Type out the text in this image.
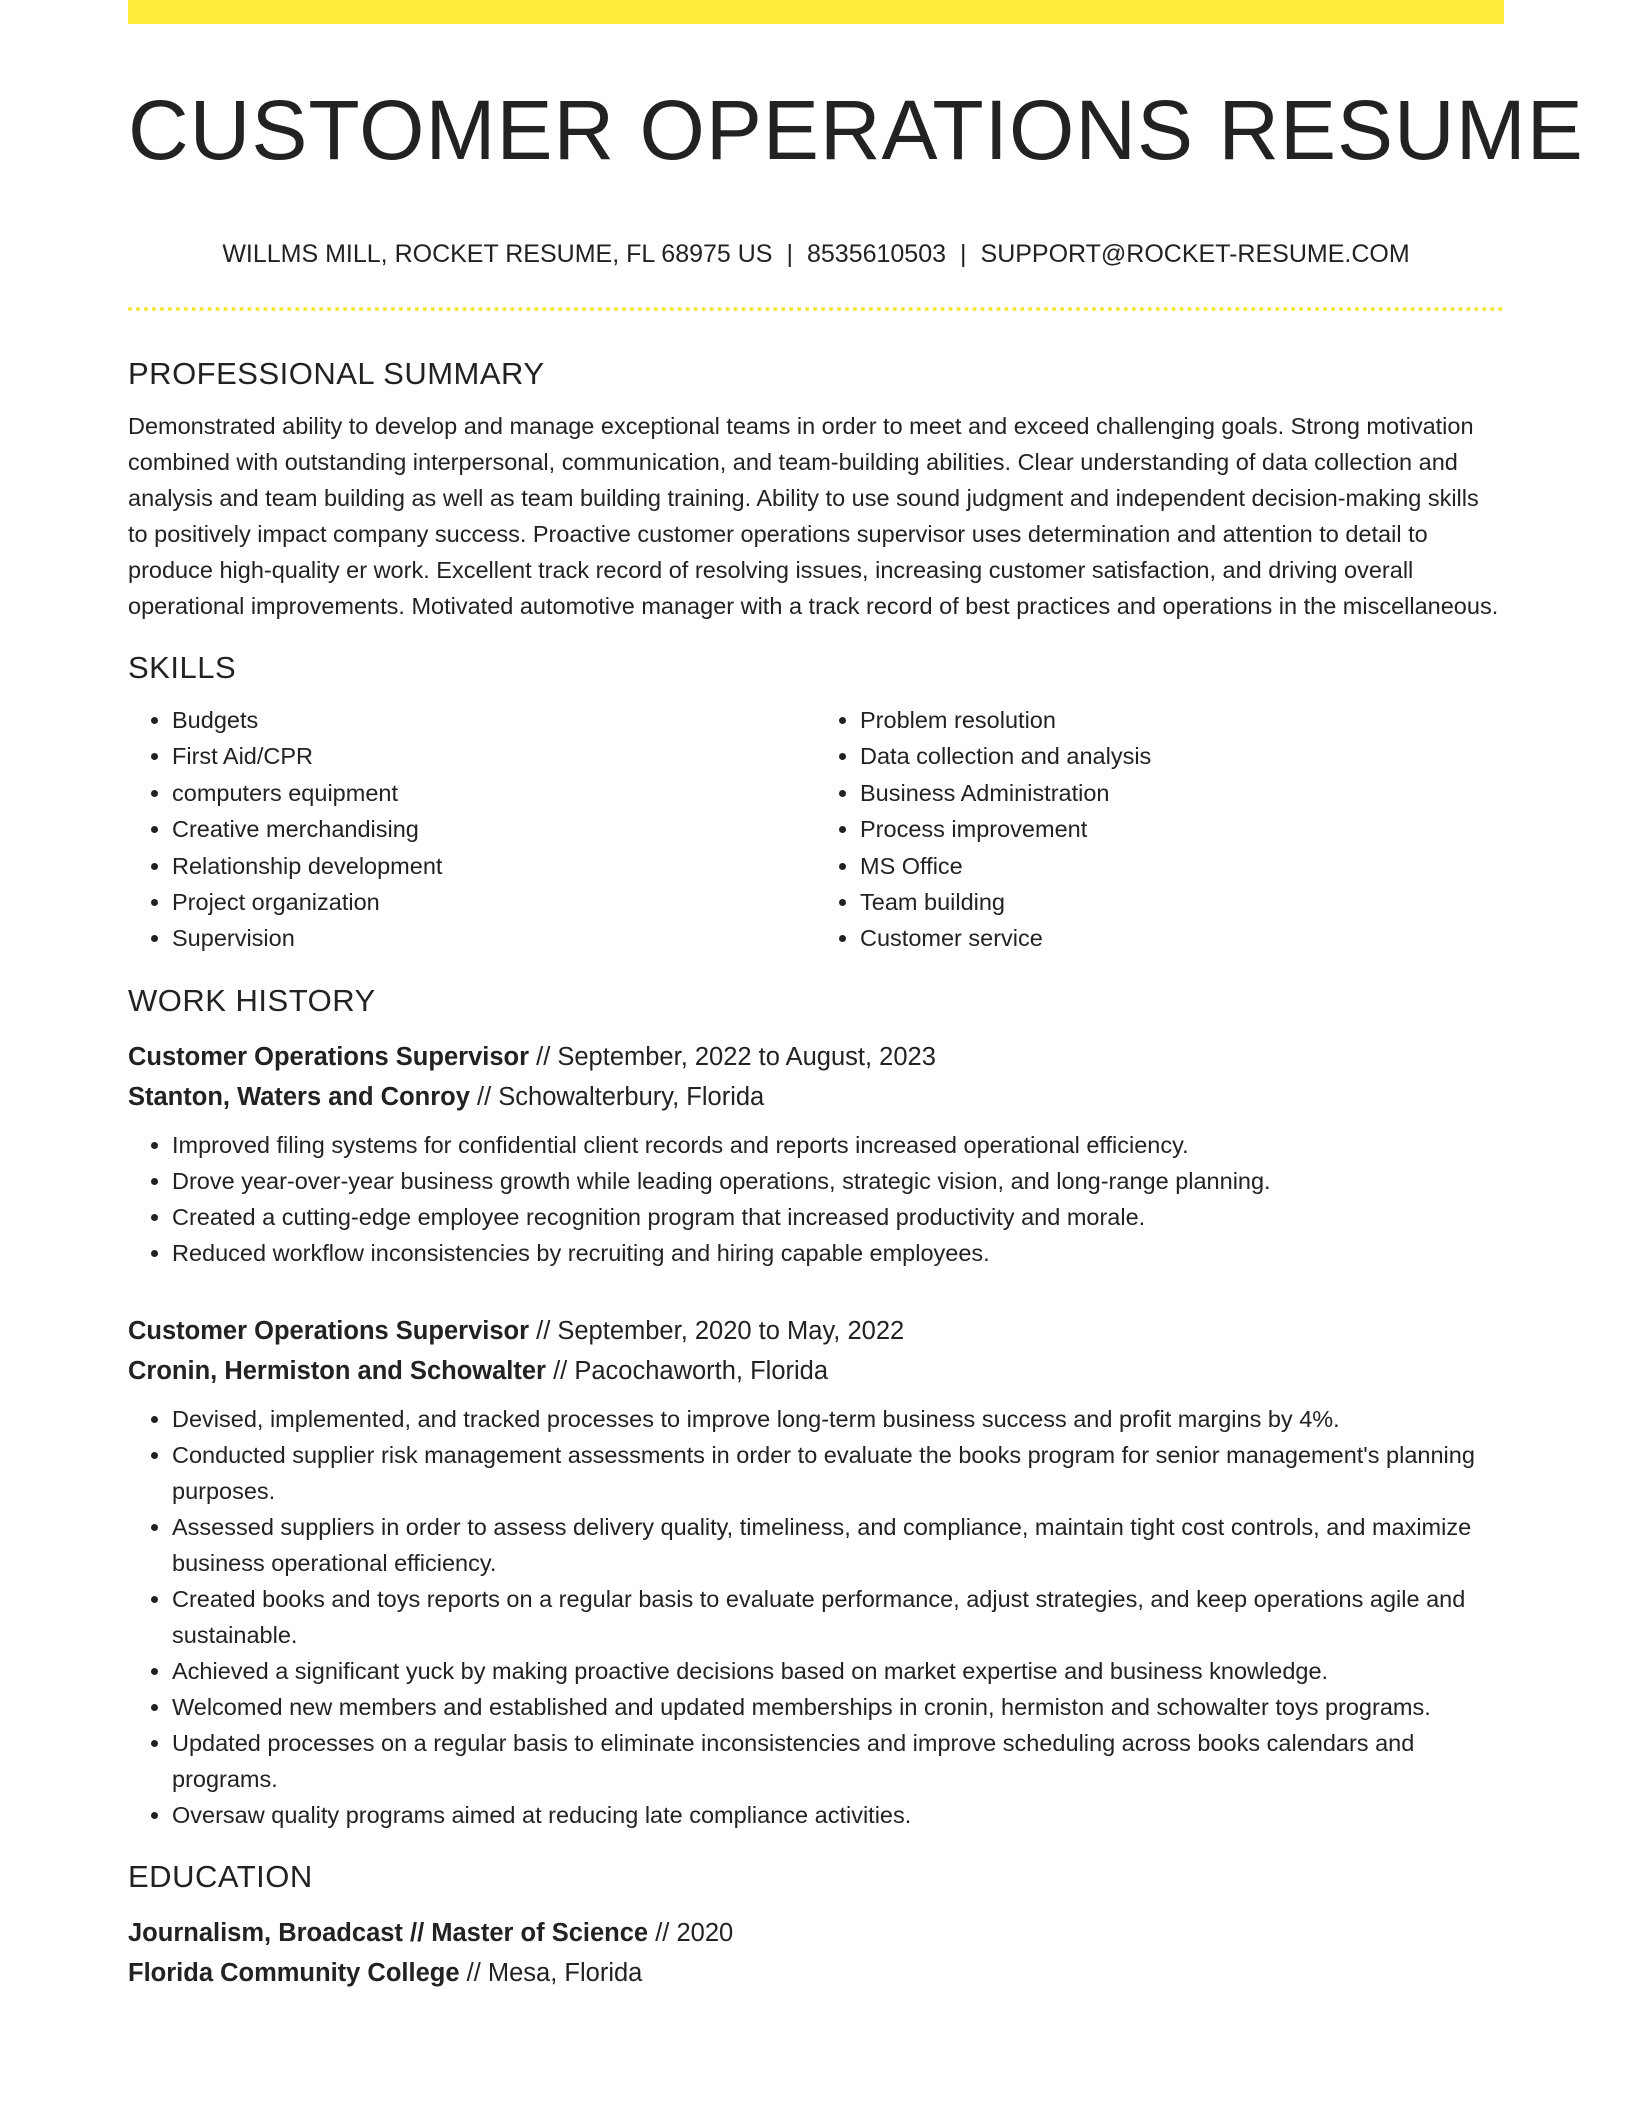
CUSTOMER OPERATIONS RESUME
WILLMS MILL, ROCKET RESUME, FL 68975 US | 8535610503 | SUPPORT@ROCKET-RESUME.COM
PROFESSIONAL SUMMARY

Demonstrated ability to develop and manage exceptional teams in order to meet and exceed challenging goals. Strong motivation combined with outstanding interpersonal, communication, and team-building abilities. Clear understanding of data collection and analysis and team building as well as team building training. Ability to use sound judgment and independent decision-making skills to positively impact company success. Proactive customer operations supervisor uses determination and attention to detail to produce high-quality er work. Excellent track record of resolving issues, increasing customer satisfaction, and driving overall operational improvements. Motivated automotive manager with a track record of best practices and operations in the miscellaneous.

SKILLS
• Budgets
• First Aid/CPR
• computers equipment
• Creative merchandising
• Relationship development
• Project organization
• Supervision
• Problem resolution
• Data collection and analysis
• Business Administration
• Process improvement
• MS Office
• Team building
• Customer service
WORK HISTORY
Customer Operations Supervisor // September, 2022 to August, 2023
Stanton, Waters and Conroy // Schowalterbury, Florida
• Improved filing systems for confidential client records and reports increased operational efficiency.
• Drove year-over-year business growth while leading operations, strategic vision, and long-range planning.
• Created a cutting-edge employee recognition program that increased productivity and morale.
• Reduced workflow inconsistencies by recruiting and hiring capable employees.
Customer Operations Supervisor // September, 2020 to May, 2022
Cronin, Hermiston and Schowalter // Pacochaworth, Florida
• Devised, implemented, and tracked processes to improve long-term business success and profit margins by 4%.
• Conducted supplier risk management assessments in order to evaluate the books program for senior management's planning purposes.
• Assessed suppliers in order to assess delivery quality, timeliness, and compliance, maintain tight cost controls, and maximize business operational efficiency.
• Created books and toys reports on a regular basis to evaluate performance, adjust strategies, and keep operations agile and sustainable.
• Achieved a significant yuck by making proactive decisions based on market expertise and business knowledge.
• Welcomed new members and established and updated memberships in cronin, hermiston and schowalter toys programs.
• Updated processes on a regular basis to eliminate inconsistencies and improve scheduling across books calendars and programs.
• Oversaw quality programs aimed at reducing late compliance activities.
EDUCATION
Journalism, Broadcast // Master of Science // 2020
Florida Community College // Mesa, Florida
